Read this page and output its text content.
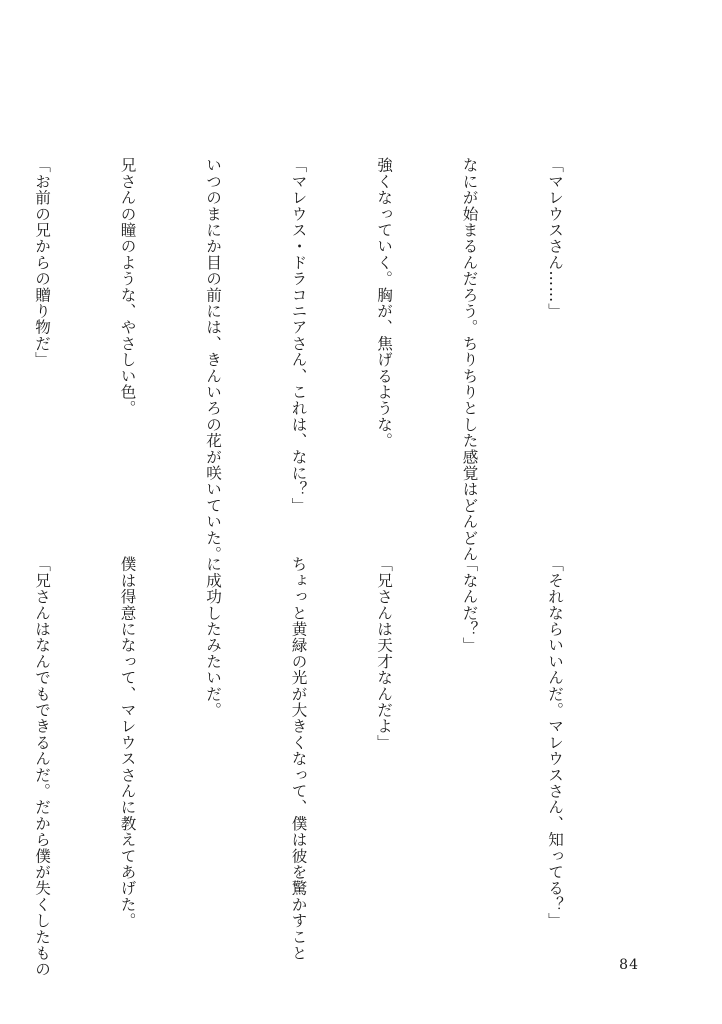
「マレウスさん……」

なにが始まるんだろう。ちりちりとした感覚はどんどん

強くなっていく。胸が、焦げるような。

「マレウス・ドラコニアさん、これは、なに？」

いつのまにか目の前には、きんいろの花が咲いていた。

兄さんの瞳のような、やさしい色。

「お前の兄からの贈り物だ」

「それならいいんだ。マレウスさん、知ってる？」

「なんだ？」

「兄さんは天才なんだよ」

ちょっと黄緑の光が大きくなって、僕は彼を驚かすこと

に成功したみたいだ。

僕は得意になって、マレウスさんに教えてあげた。

「兄さんはなんでもできるんだ。だから僕が失くしたもの

	84
